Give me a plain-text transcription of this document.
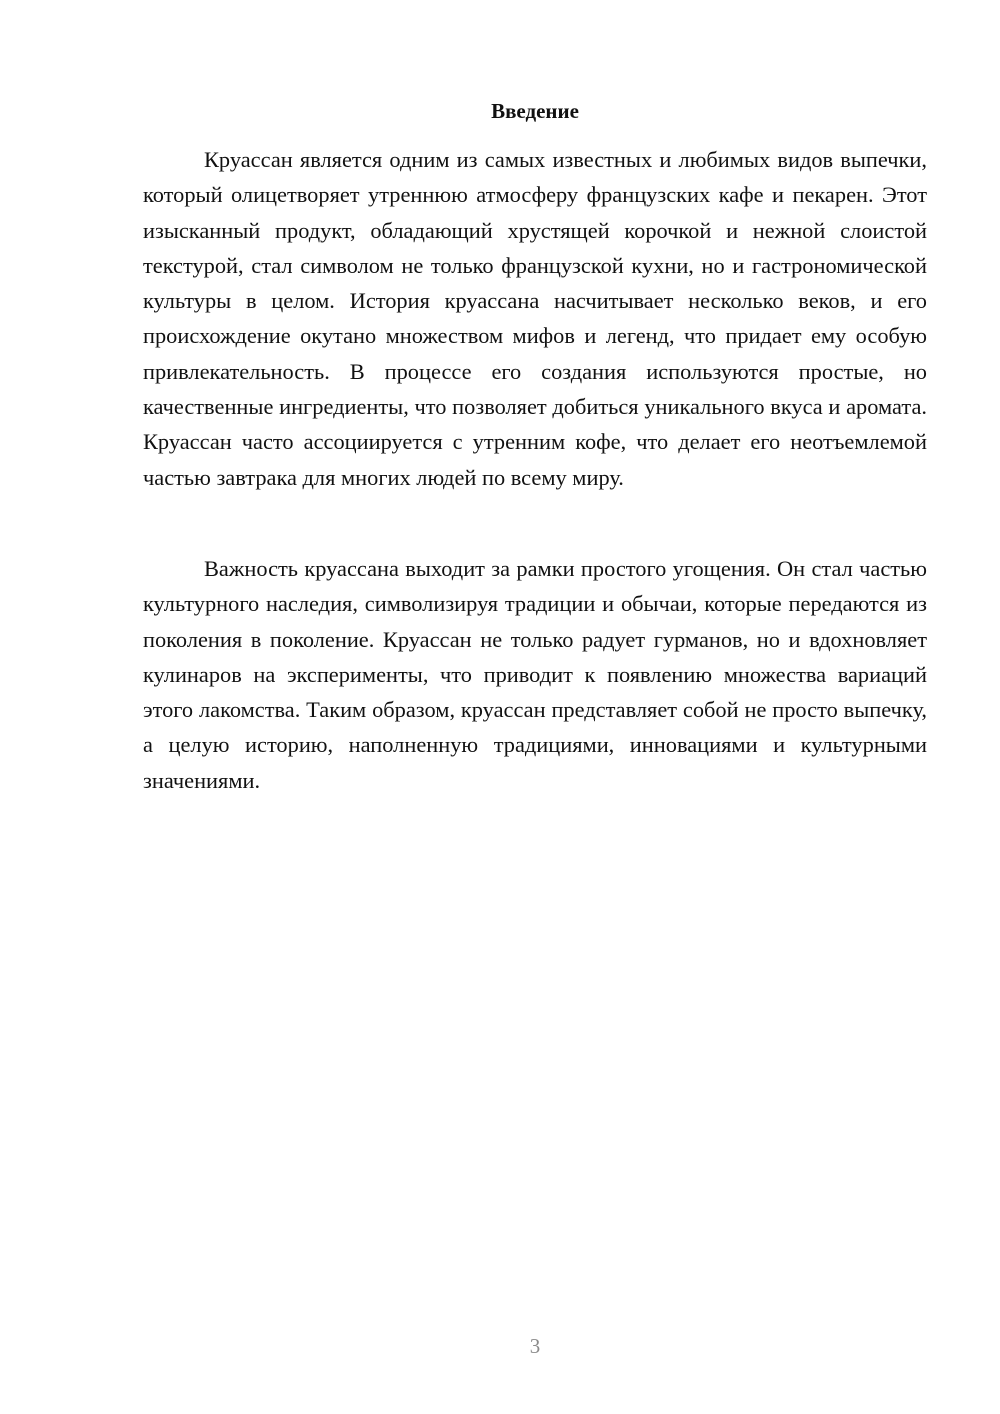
Введение

Круассан является одним из самых известных и любимых видов выпечки, который олицетворяет утреннюю атмосферу французских кафе и пекарен. Этот изысканный продукт, обладающий хрустящей корочкой и нежной слоистой текстурой, стал символом не только французской кухни, но и гастрономической культуры в целом. История круассана насчитывает несколько веков, и его происхождение окутано множеством мифов и легенд, что придает ему особую привлекательность. В процессе его создания используются простые, но качественные ингредиенты, что позволяет добиться уникального вкуса и аромата. Круассан часто ассоциируется с утренним кофе, что делает его неотъемлемой частью завтрака для многих людей по всему миру.

Важность круассана выходит за рамки простого угощения. Он стал частью культурного наследия, символизируя традиции и обычаи, которые передаются из поколения в поколение. Круассан не только радует гурманов, но и вдохновляет кулинаров на эксперименты, что приводит к появлению множества вариаций этого лакомства. Таким образом, круассан представляет собой не просто выпечку, а целую историю, наполненную традициями, инновациями и культурными значениями.

3
